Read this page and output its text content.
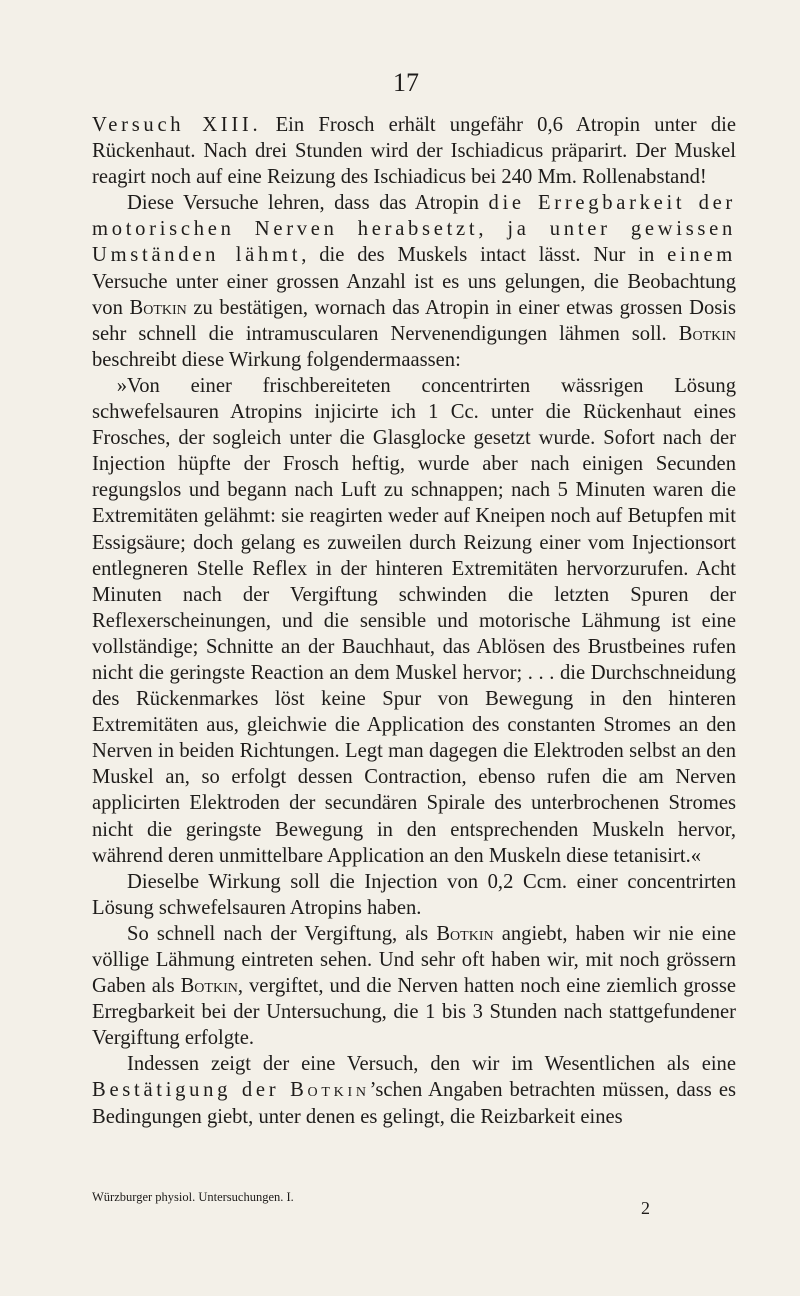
17

Versuch XIII. Ein Frosch erhält ungefähr 0,6 Atropin unter die Rückenhaut. Nach drei Stunden wird der Ischiadicus präparirt. Der Muskel reagirt noch auf eine Reizung des Ischiadicus bei 240 Mm. Rollenabstand!

Diese Versuche lehren, dass das Atropin die Erregbarkeit der motorischen Nerven herabsetzt, ja unter gewissen Umständen lähmt, die des Muskels intact lässt. Nur in einem Versuche unter einer grossen Anzahl ist es uns gelungen, die Beobachtung von Botkin zu bestätigen, wornach das Atropin in einer etwas grossen Dosis sehr schnell die intramuscularen Nervenendigungen lähmen soll. Botkin beschreibt diese Wirkung folgendermaassen:

»Von einer frischbereiteten concentrirten wässrigen Lösung schwefelsauren Atropins injicirte ich 1 Cc. unter die Rückenhaut eines Frosches, der sogleich unter die Glasglocke gesetzt wurde. Sofort nach der Injection hüpfte der Frosch heftig, wurde aber nach einigen Secunden regungslos und begann nach Luft zu schnappen; nach 5 Minuten waren die Extremitäten gelähmt: sie reagirten weder auf Kneipen noch auf Betupfen mit Essigsäure; doch gelang es zuweilen durch Reizung einer vom Injectionsort entlegneren Stelle Reflex in der hinteren Extremitäten hervorzurufen. Acht Minuten nach der Vergiftung schwinden die letzten Spuren der Reflexerscheinungen, und die sensible und motorische Lähmung ist eine vollständige; Schnitte an der Bauchhaut, das Ablösen des Brustbeines rufen nicht die geringste Reaction an dem Muskel hervor; . . . die Durchschneidung des Rückenmarkes löst keine Spur von Bewegung in den hinteren Extremitäten aus, gleichwie die Application des constanten Stromes an den Nerven in beiden Richtungen. Legt man dagegen die Elektroden selbst an den Muskel an, so erfolgt dessen Contraction, ebenso rufen die am Nerven applicirten Elektroden der secundären Spirale des unterbrochenen Stromes nicht die geringste Bewegung in den entsprechenden Muskeln hervor, während deren unmittelbare Application an den Muskeln diese tetanisirt.«

Dieselbe Wirkung soll die Injection von 0,2 Ccm. einer concentrirten Lösung schwefelsauren Atropins haben.

So schnell nach der Vergiftung, als Botkin angiebt, haben wir nie eine völlige Lähmung eintreten sehen. Und sehr oft haben wir, mit noch grössern Gaben als Botkin, vergiftet, und die Nerven hatten noch eine ziemlich grosse Erregbarkeit bei der Untersuchung, die 1 bis 3 Stunden nach stattgefundener Vergiftung erfolgte.

Indessen zeigt der eine Versuch, den wir im Wesentlichen als eine Bestätigung der Botkin’schen Angaben betrachten müssen, dass es Bedingungen giebt, unter denen es gelingt, die Reizbarkeit eines

Würzburger physiol. Untersuchungen. I.
2
